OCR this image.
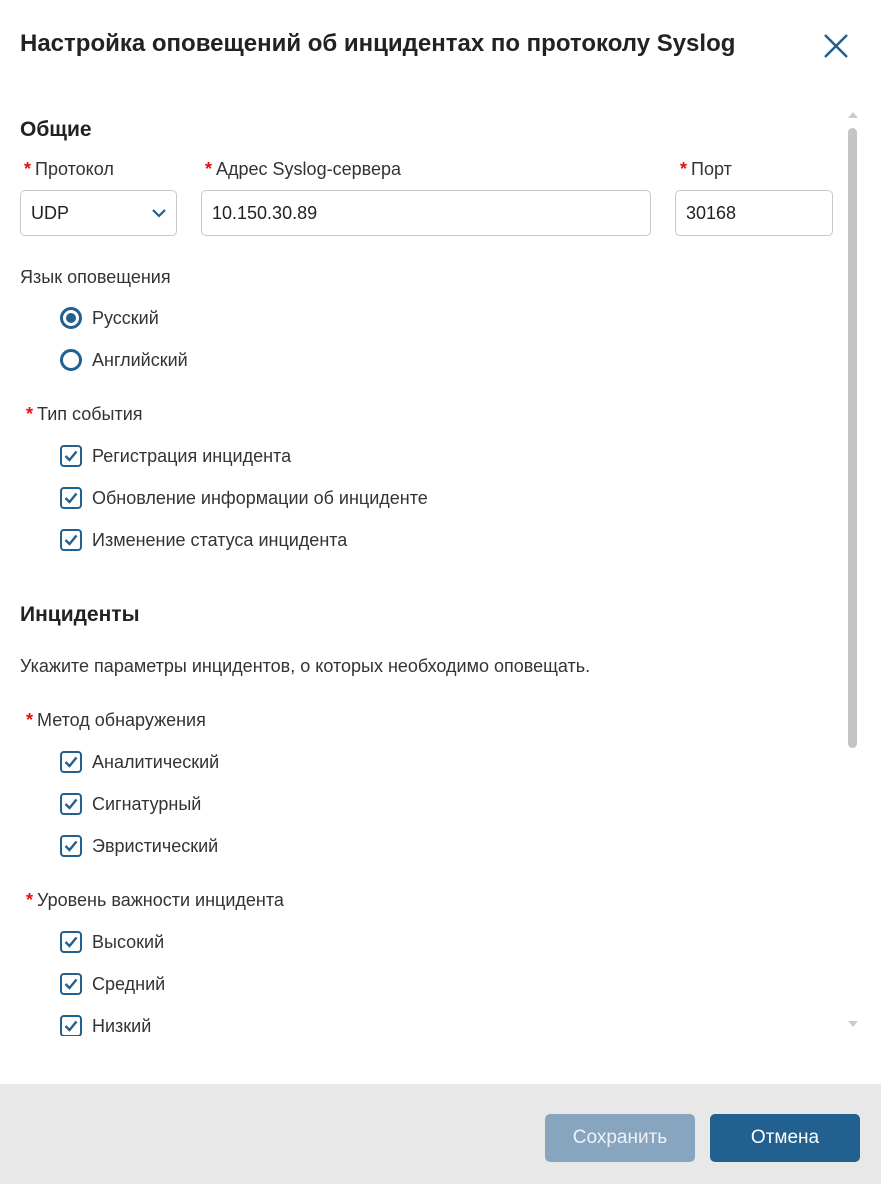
Настройка оповещений об инцидентах по протоколу Syslog
Общие
* Протокол
UDP
* Адрес Syslog-сервера
10.150.30.89
* Порт
30168
Язык оповещения
Русский
Английский
* Тип события
Регистрация инцидента
Обновление информации об инциденте
Изменение статуса инцидента
Инциденты
Укажите параметры инцидентов, о которых необходимо оповещать.
* Метод обнаружения
Аналитический
Сигнатурный
Эвристический
* Уровень важности инцидента
Высокий
Средний
Низкий
Сохранить	Отмена
